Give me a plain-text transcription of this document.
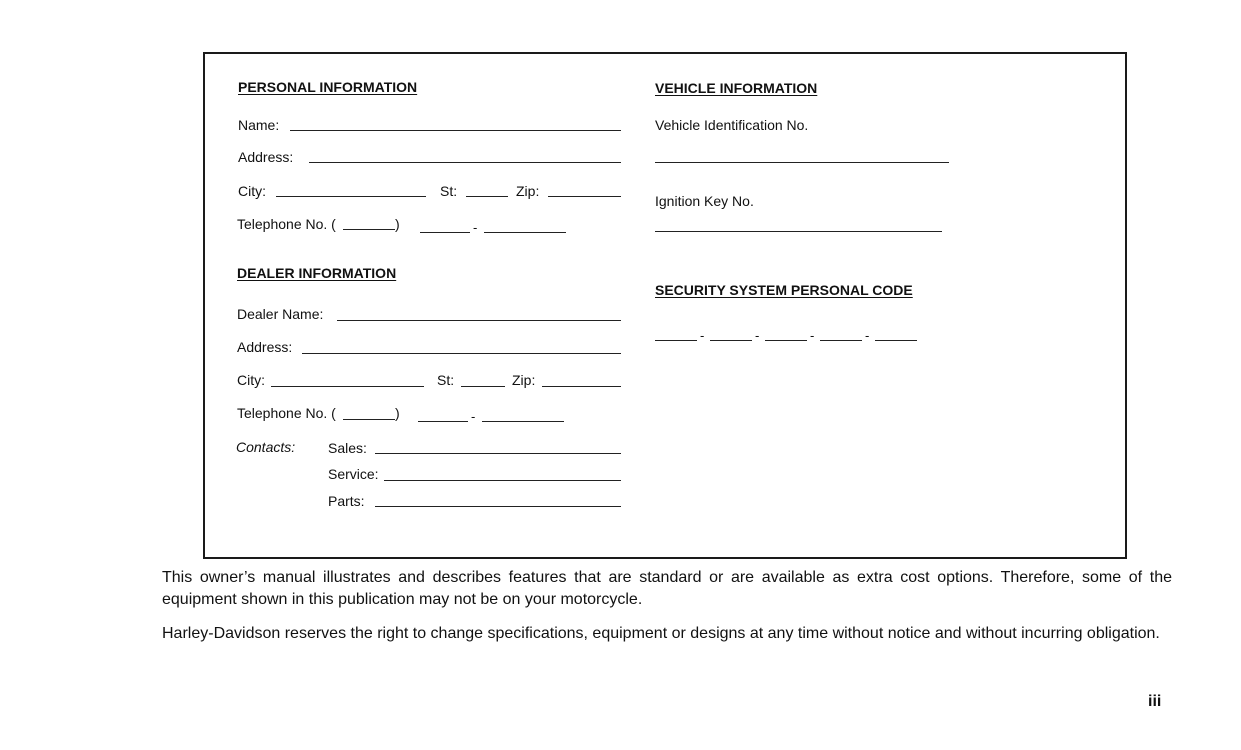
PERSONAL INFORMATION
Name:
Address:
City:	St:	Zip:
Telephone No. (	)	-
DEALER INFORMATION
Dealer Name:
Address:
City:	St:	Zip:
Telephone No. (	)	-
Contacts: Sales:
Service:
Parts:
VEHICLE INFORMATION
Vehicle Identification No.
Ignition Key No.
SECURITY SYSTEM PERSONAL CODE
-	-	-	-
This owner’s manual illustrates and describes features that are standard or are available as extra cost options. Therefore, some of the equipment shown in this publication may not be on your motorcycle.
Harley-Davidson reserves the right to change specifications, equipment or designs at any time without notice and without incurring obligation.
iii
